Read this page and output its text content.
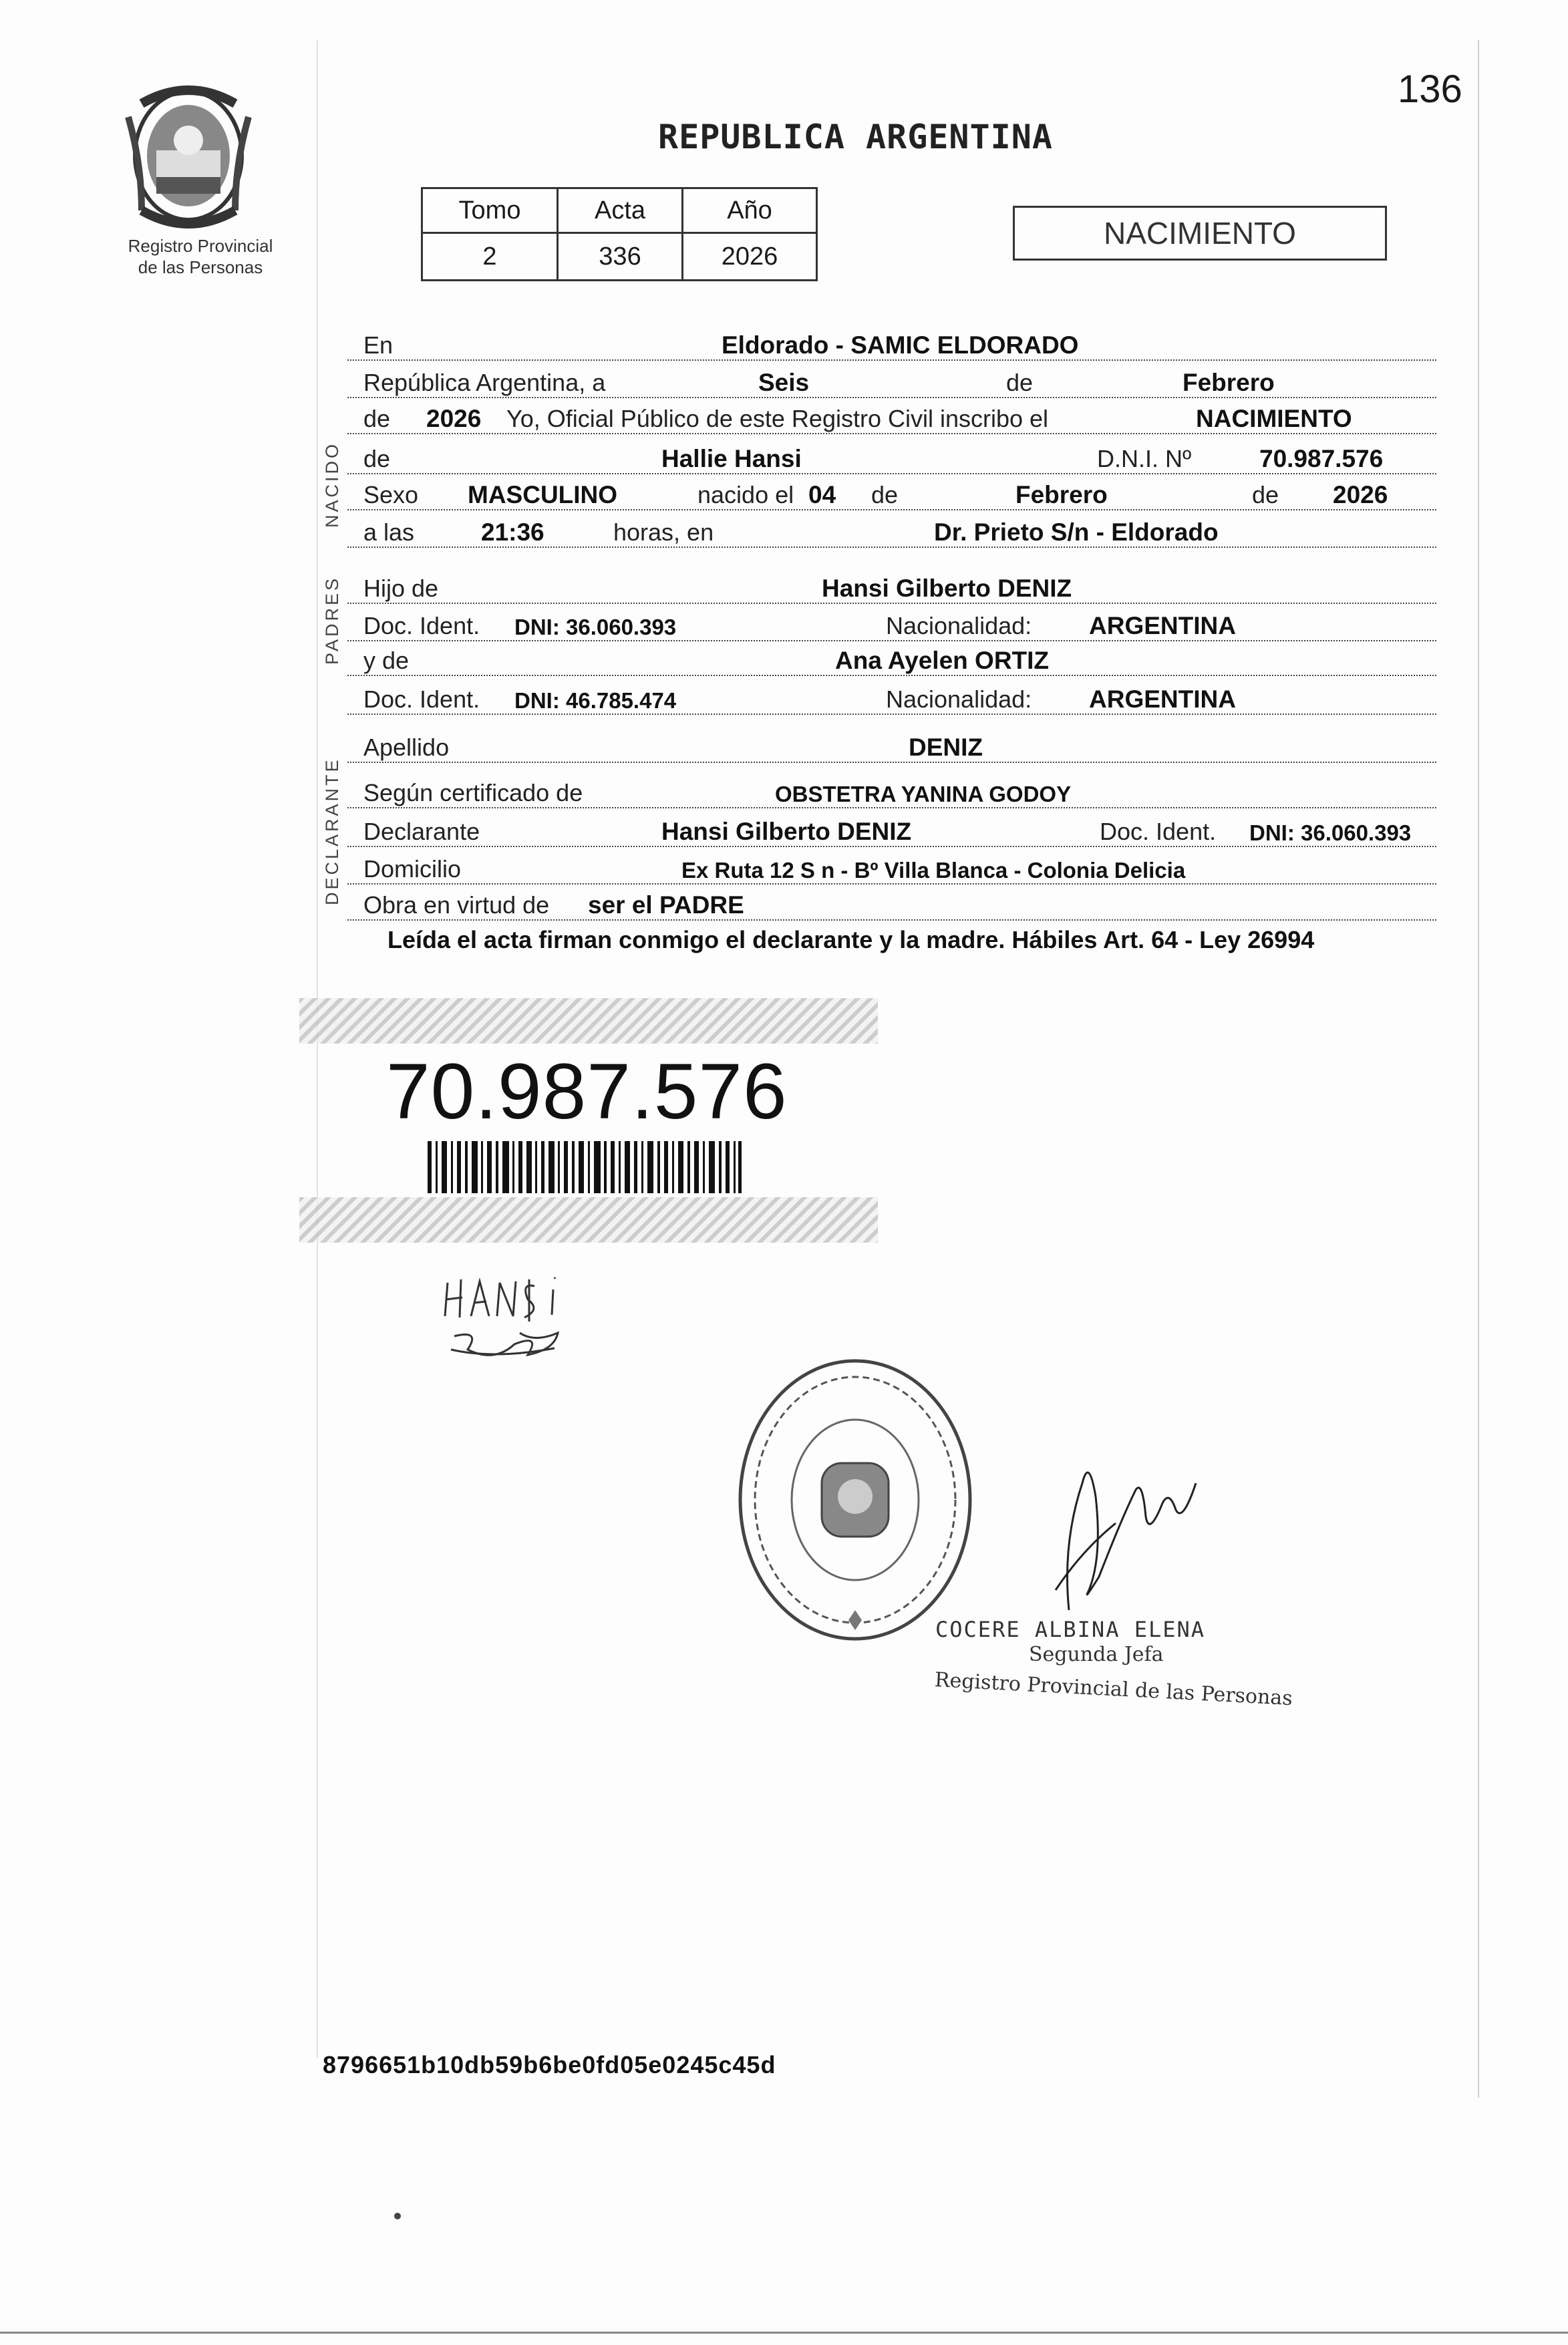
136
Registro Provincial
de las Personas
REPUBLICA ARGENTINA
Tomo	Acta	Año
2	336	2026
NACIMIENTO
NACIDO
PADRES
DECLARANTE
En	Eldorado - SAMIC ELDORADO
República Argentina, a	Seis	de	Febrero
de 2026 Yo, Oficial Público de este Registro Civil inscribo el	NACIMIENTO
de	Hallie Hansi	D.N.I. Nº	70.987.576
Sexo MASCULINO	nacido el 04 de	Febrero	de 2026
a las	21:36	horas, en	Dr. Prieto S/n - Eldorado
Hijo de	Hansi Gilberto DENIZ
Doc. Ident. DNI: 36.060.393	Nacionalidad: ARGENTINA
y de	Ana Ayelen ORTIZ
Doc. Ident. DNI: 46.785.474	Nacionalidad: ARGENTINA
Apellido	DENIZ
Según certificado de	OBSTETRA YANINA GODOY
Declarante	Hansi Gilberto DENIZ	Doc. Ident. DNI: 36.060.393
Domicilio	Ex Ruta 12 S n - Bº Villa Blanca - Colonia Delicia
Obra en virtud de ser el PADRE
Leída el acta firman conmigo el declarante y la madre. Hábiles Art. 64 - Ley 26994
70.987.576
COCERE ALBINA ELENA
Segunda Jefa
Registro Provincial de las Personas
8796651b10db59b6be0fd05e0245c45d
